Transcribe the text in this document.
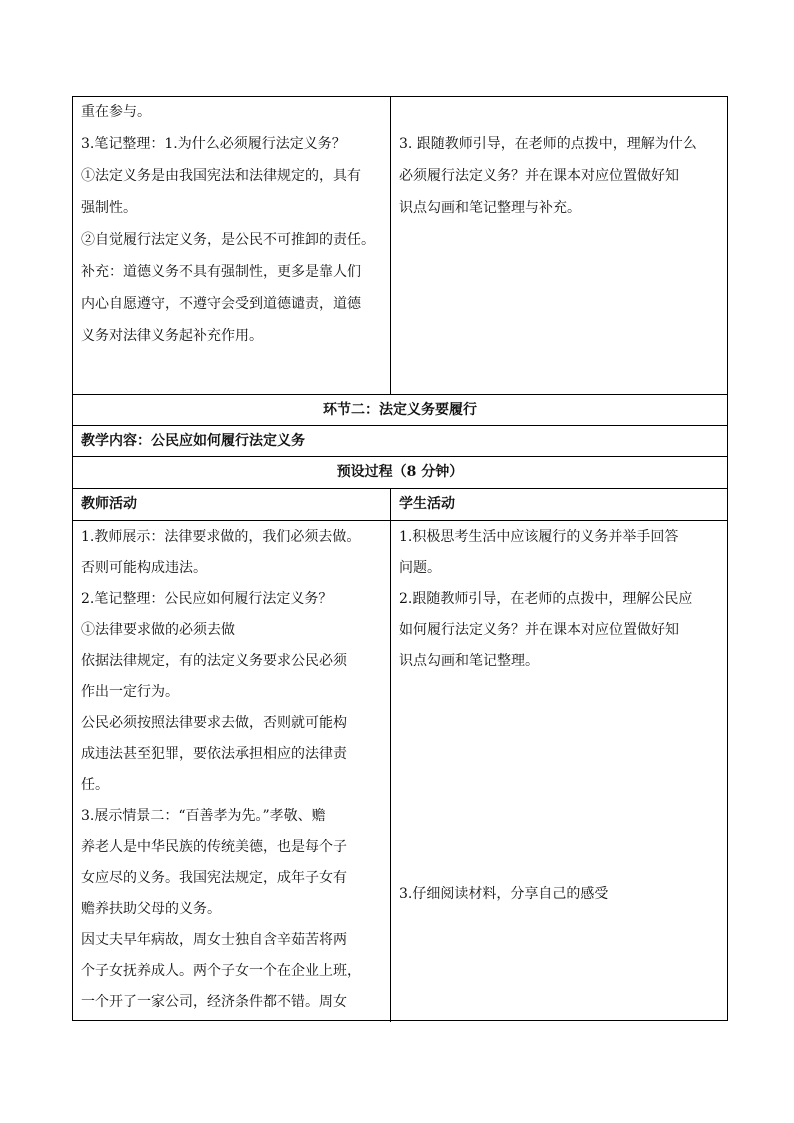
重在参与。
3.笔记整理：1.为什么必须履行法定义务？
①法定义务是由我国宪法和法律规定的，具有
强制性。
②自觉履行法定义务，是公民不可推卸的责任。
补充：道德义务不具有强制性，更多是靠人们
内心自愿遵守，不遵守会受到道德谴责，道德
义务对法律义务起补充作用。
3. 跟随教师引导，在老师的点拨中，理解为什么
必须履行法定义务？并在课本对应位置做好知
识点勾画和笔记整理与补充。
环节二：法定义务要履行
教学内容：公民应如何履行法定义务
预设过程（8 分钟）
教师活动	学生活动
1.教师展示：法律要求做的，我们必须去做。
否则可能构成违法。
2.笔记整理：公民应如何履行法定义务？
①法律要求做的必须去做
依据法律规定，有的法定义务要求公民必须
作出一定行为。
公民必须按照法律要求去做，否则就可能构
成违法甚至犯罪，要依法承担相应的法律责
任。
3.展示情景二：“百善孝为先。”孝敬、赡
养老人是中华民族的传统美德，也是每个子
女应尽的义务。我国宪法规定，成年子女有
赡养扶助父母的义务。
因丈夫早年病故，周女士独自含辛茹苦将两
个子女抚养成人。两个子女一个在企业上班，
一个开了一家公司，经济条件都不错。周女
1.积极思考生活中应该履行的义务并举手回答
问题。
2.跟随教师引导，在老师的点拨中，理解公民应
如何履行法定义务？并在课本对应位置做好知
识点勾画和笔记整理。
3.仔细阅读材料，分享自己的感受
